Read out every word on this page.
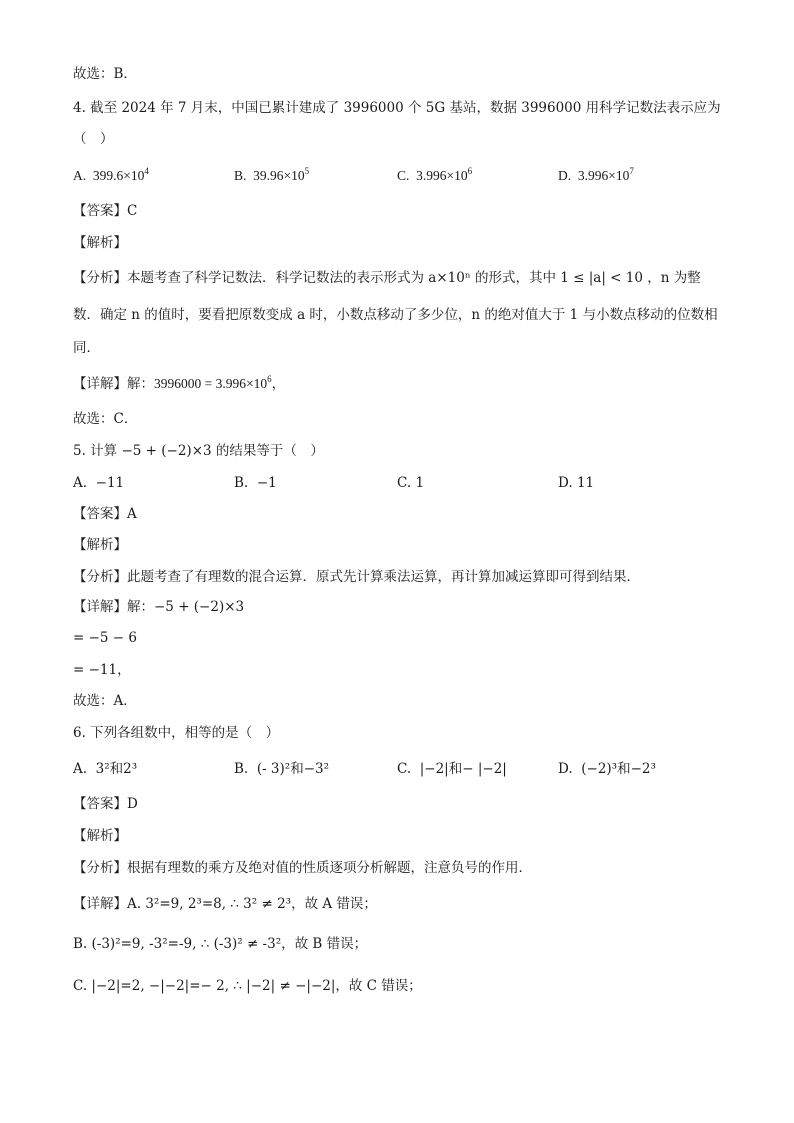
故选：B．
4. 截至 2024 年 7 月末，中国已累计建成了 3996000 个 5G 基站，数据 3996000 用科学记数法表示应为
（　）
A. $399.6\times 10^4$	B. $39.96\times 10^5$	C. $3.996\times 10^6$	D. $3.996\times 10^7$
【答案】C
【解析】
【分析】本题考查了科学记数法．科学记数法的表示形式为 a×10ⁿ 的形式，其中 1 ≤ |a| < 10 ，n 为整
数．确定 n 的值时，要看把原数变成 a 时，小数点移动了多少位，n 的绝对值大于 1 与小数点移动的位数相
同．
【详解】解：$3996000 = 3.996\times 10^6$，
故选：C．
5. 计算 −5 + (−2)×3 的结果等于（　）
A. −11	B. −1	C. 1	D. 11
【答案】A
【解析】
【分析】此题考查了有理数的混合运算．原式先计算乘法运算，再计算加减运算即可得到结果．
【详解】解：−5 + (−2)×3
= −5 − 6
= −11，
故选：A．
6. 下列各组数中，相等的是（　）
A. 3²和2³	B. (- 3)²和−3²	C. |−2|和− |−2|	D. (−2)³和−2³
【答案】D
【解析】
【分析】根据有理数的乘方及绝对值的性质逐项分析解题，注意负号的作用．
【详解】A. 3²=9, 2³=8, ∴ 3² ≠ 2³，故 A 错误；
B. (-3)²=9, -3²=-9, ∴ (-3)² ≠ -3²，故 B 错误；
C. |−2|=2, −|−2|=− 2, ∴ |−2| ≠ −|−2|，故 C 错误；
